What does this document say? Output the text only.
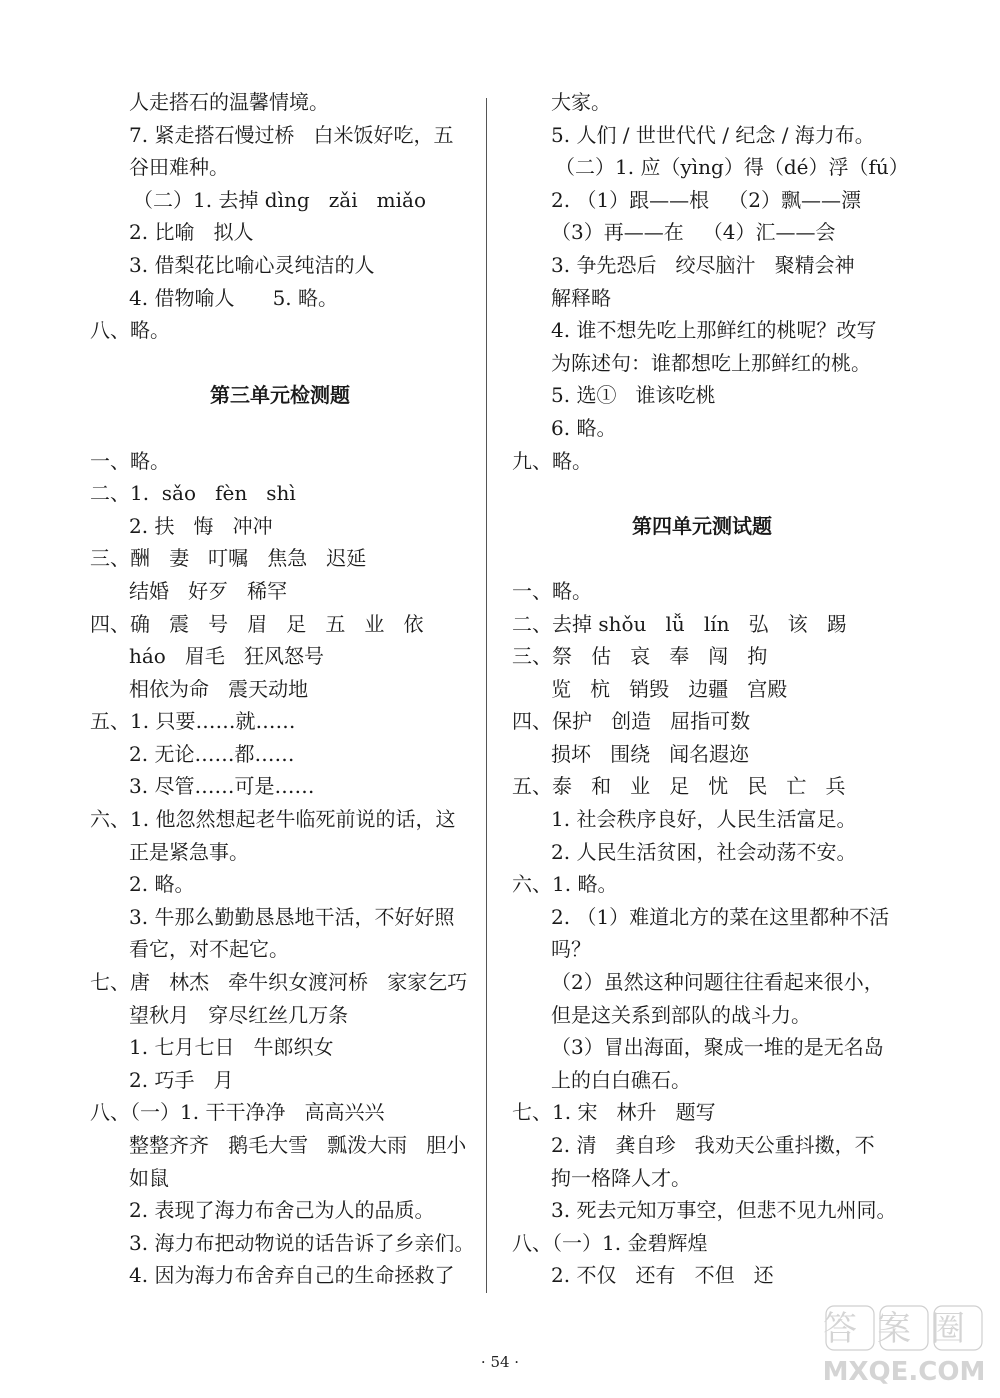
人走搭石的温馨情境。
7. 紧走搭石慢过桥   白米饭好吃，五
谷田难种。
（二）1. 去掉 dìng   zǎi   miǎo
2. 比喻   拟人
3. 借梨花比喻心灵纯洁的人
4. 借物喻人      5. 略。
八、略。
第三单元检测题
一、略。
二、1.  sǎo   fèn   shì
2. 扶   悔   冲冲
三、酬   妻   叮嘱   焦急   迟延
结婚   好歹   稀罕
四、确   震   号   眉   足   五   业   依
háo   眉毛   狂风怒号
相依为命   震天动地
五、1. 只要……就……
2. 无论……都……
3. 尽管……可是……
六、1. 他忽然想起老牛临死前说的话，这
正是紧急事。
2. 略。
3. 牛那么勤勤恳恳地干活，不好好照
看它，对不起它。
七、唐   林杰   牵牛织女渡河桥   家家乞巧
望秋月   穿尽红丝几万条
1. 七月七日   牛郎织女
2. 巧手   月
八、（一）1. 干干净净   高高兴兴
整整齐齐   鹅毛大雪   瓢泼大雨   胆小
如鼠
2. 表现了海力布舍己为人的品质。
3. 海力布把动物说的话告诉了乡亲们。
4. 因为海力布舍弃自己的生命拯救了
大家。
5. 人们 / 世世代代 / 纪念 / 海力布。
（二）1. 应（yìng）得（dé）浮（fú）
2. （1）跟——根   （2）飘——漂
（3）再——在   （4）汇——会
3. 争先恐后   绞尽脑汁   聚精会神
解释略
4. 谁不想先吃上那鲜红的桃呢？改写
为陈述句：谁都想吃上那鲜红的桃。
5. 选①   谁该吃桃
6. 略。
九、略。
第四单元测试题
一、略。
二、去掉 shǒu   lǚ   lín   弘   该   踢
三、祭   估   哀   奉   闯   拘
览   杭   销毁   边疆   宫殿
四、保护   创造   屈指可数
损坏   围绕   闻名遐迩
五、泰   和   业   足   忧   民   亡   兵
1. 社会秩序良好，人民生活富足。
2. 人民生活贫困，社会动荡不安。
六、1. 略。
2. （1）难道北方的菜在这里都种不活
吗？
（2）虽然这种问题往往看起来很小，
但是这关系到部队的战斗力。
（3）冒出海面，聚成一堆的是无名岛
上的白白礁石。
七、1. 宋   林升   题写
2. 清   龚自珍   我劝天公重抖擞，不
拘一格降人才。
3. 死去元知万事空，但悲不见九州同。
八、（一）1. 金碧辉煌
2. 不仅   还有   不但   还
· 54 ·
答案圈
MXQE.COM
